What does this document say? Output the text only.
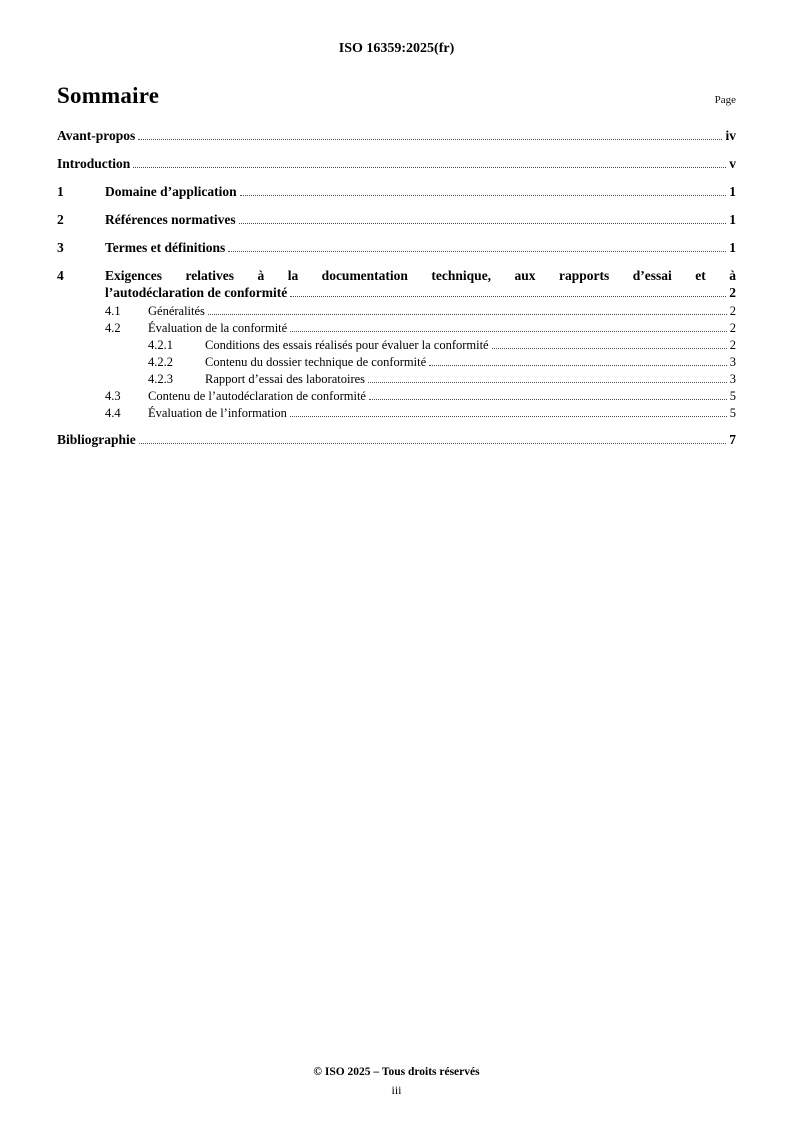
ISO 16359:2025(fr)
Sommaire	Page
Avant-propos	iv
Introduction	v
1	Domaine d’application	1
2	Références normatives	1
3	Termes et définitions	1
4	Exigences relatives à la documentation technique, aux rapports d’essai et à
l’autodéclaration de conformité	2
4.1	Généralités	2
4.2	Évaluation de la conformité	2
4.2.1	Conditions des essais réalisés pour évaluer la conformité	2
4.2.2	Contenu du dossier technique de conformité	3
4.2.3	Rapport d’essai des laboratoires	3
4.3	Contenu de l’autodéclaration de conformité	5
4.4	Évaluation de l’information	5
Bibliographie	7
© ISO 2025 – Tous droits réservés
iii
